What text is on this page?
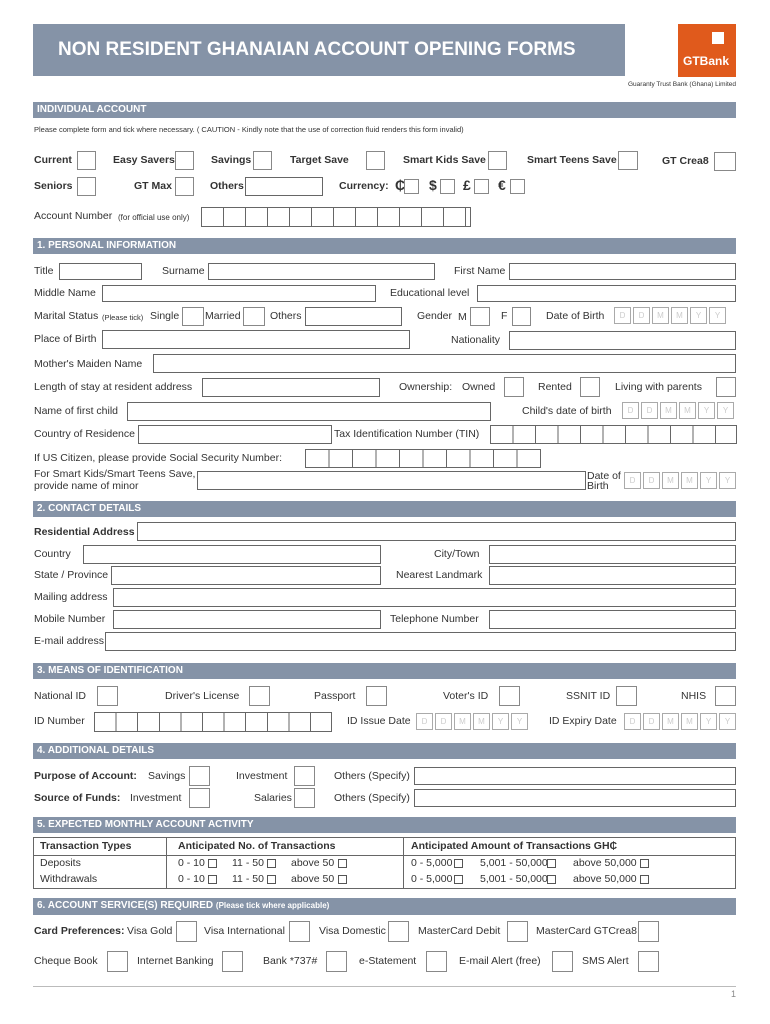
NON RESIDENT GHANAIAN ACCOUNT OPENING FORMS
GTBank
Guaranty Trust Bank (Ghana) Limited
INDIVIDUAL ACCOUNT
Please complete form and tick where necessary. ( CAUTION - Kindly note that the use of correction fluid renders this form invalid)
Current	Easy Savers	Savings	Target Save	Smart Kids Save	Smart Teens Save	GT Crea8
Seniors	GT Max	Others	Currency: ₵ $ £ €
Account Number (for official use only)
1. PERSONAL INFORMATION
Title	Surname	First Name
Middle Name	Educational level
Marital Status (Please tick) Single Married	Others	Gender M	F	Date of Birth	D	D	M	M	Y	Y
Place of Birth	Nationality
Mother's Maiden Name
Length of stay at resident address	Ownership: Owned	Rented	Living with parents
Name of first child	Child's date of birth	D	D	M	M	Y	Y
Country of Residence	Tax Identification Number (TIN)
If US Citizen, please provide Social Security Number:
For Smart Kids/Smart Teens Save,
provide name of minor
Date of
Birth	D	D	M	M	Y	Y
2. CONTACT DETAILS
Residential Address
Country	City/Town
State / Province	Nearest Landmark
Mailing address
Mobile Number	Telephone Number
E-mail address
3. MEANS OF IDENTIFICATION
National ID	Driver's License	Passport	Voter's ID	SSNIT ID	NHIS
ID Number	ID Issue Date	D	D	M	M	Y	Y	ID Expiry Date	D	D	M	M	Y	Y
4. ADDITIONAL DETAILS
Purpose of Account: Savings	Investment	Others (Specify)
Source of Funds: Investment	Salaries	Others (Specify)
5. EXPECTED MONTHLY ACCOUNT ACTIVITY
Transaction Types	Anticipated No. of Transactions	Anticipated Amount of Transactions GH₵
Deposits	0 - 10	11 - 50	above 50	0 - 5,000	5,001 - 50,000 above 50,000
Withdrawals	0 - 10	11 - 50	above 50	0 - 5,000	5,001 - 50,000 above 50,000
6. ACCOUNT SERVICE(S) REQUIRED (Please tick where applicable)
Card Preferences: Visa Gold	Visa International	Visa Domestic	MasterCard Debit	MasterCard GTCrea8
Cheque Book	Internet Banking	Bank *737#	e-Statement	E-mail Alert (free)	SMS Alert
1
